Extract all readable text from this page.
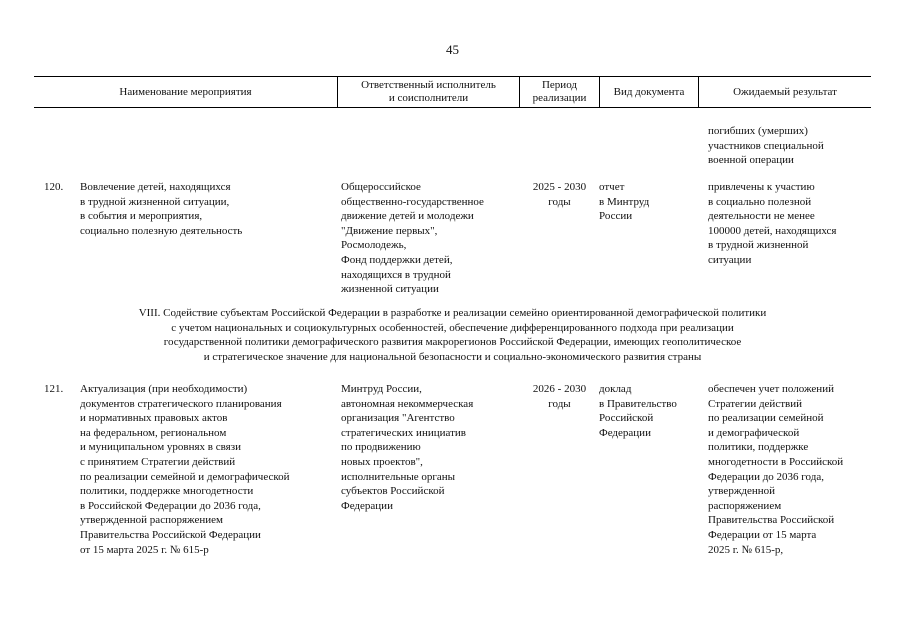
45
Наименование мероприятия
Ответственный исполнитель
и соисполнители
Период
реализации
Вид документа	Ожидаемый результат
погибших (умерших)
участников специальной
военной операции
120. Вовлечение детей, находящихся
в трудной жизненной ситуации,
в события и мероприятия,
социально полезную деятельность
Общероссийское
общественно-государственное
движение детей и молодежи
"Движение первых",
Росмолодежь,
Фонд поддержки детей,
находящихся в трудной
жизненной ситуации
2025 - 2030
годы
отчет
в Минтруд
России
привлечены к участию
в социально полезной
деятельности не менее
100000 детей, находящихся
в трудной жизненной
ситуации
VIII. Содействие субъектам Российской Федерации в разработке и реализации семейно ориентированной демографической политики
с учетом национальных и социокультурных особенностей, обеспечение дифференцированного подхода при реализации
государственной политики демографического развития макрорегионов Российской Федерации, имеющих геополитическое
и стратегическое значение для национальной безопасности и социально-экономического развития страны
121. Актуализация (при необходимости)
документов стратегического планирования
и нормативных правовых актов
на федеральном, региональном
и муниципальном уровнях в связи
с принятием Стратегии действий
по реализации семейной и демографической
политики, поддержке многодетности
в Российской Федерации до 2036 года,
утвержденной распоряжением
Правительства Российской Федерации
от 15 марта 2025 г. № 615-р
Минтруд России,
автономная некоммерческая
организация "Агентство
стратегических инициатив
по продвижению
новых проектов",
исполнительные органы
субъектов Российской
Федерации
2026 - 2030
годы
доклад
в Правительство
Российской
Федерации
обеспечен учет положений
Стратегии действий
по реализации семейной
и демографической
политики, поддержке
многодетности в Российской
Федерации до 2036 года,
утвержденной
распоряжением
Правительства Российской
Федерации от 15 марта
2025 г. № 615-р,
